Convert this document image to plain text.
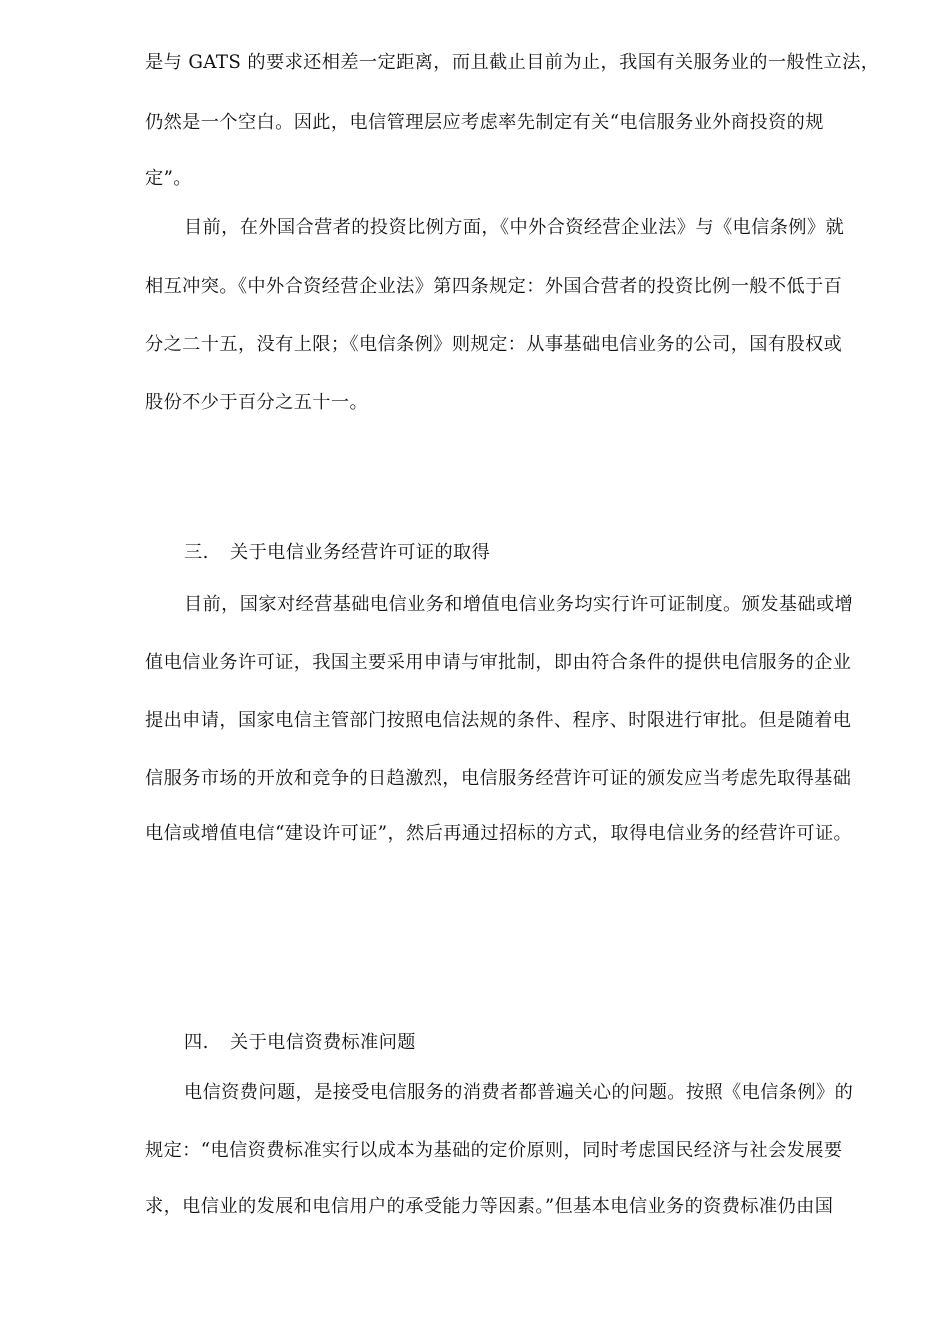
是与 GATS 的要求还相差一定距离，而且截止目前为止，我国有关服务业的一般性立法，
仍然是一个空白。因此，电信管理层应考虑率先制定有关“电信服务业外商投资的规
定”。
目前，在外国合营者的投资比例方面，《中外合资经营企业法》与《电信条例》就
相互冲突。《中外合资经营企业法》第四条规定：外国合营者的投资比例一般不低于百
分之二十五，没有上限；《电信条例》则规定：从事基础电信业务的公司，国有股权或
股份不少于百分之五十一。
三. 关于电信业务经营许可证的取得
目前，国家对经营基础电信业务和增值电信业务均实行许可证制度。颁发基础或增
值电信业务许可证，我国主要采用申请与审批制，即由符合条件的提供电信服务的企业
提出申请，国家电信主管部门按照电信法规的条件、程序、时限进行审批。但是随着电
信服务市场的开放和竞争的日趋激烈，电信服务经营许可证的颁发应当考虑先取得基础
电信或增值电信“建设许可证”，然后再通过招标的方式，取得电信业务的经营许可证。
四. 关于电信资费标准问题
电信资费问题，是接受电信服务的消费者都普遍关心的问题。按照《电信条例》的
规定：“电信资费标准实行以成本为基础的定价原则，同时考虑国民经济与社会发展要
求，电信业的发展和电信用户的承受能力等因素。”但基本电信业务的资费标准仍由国
